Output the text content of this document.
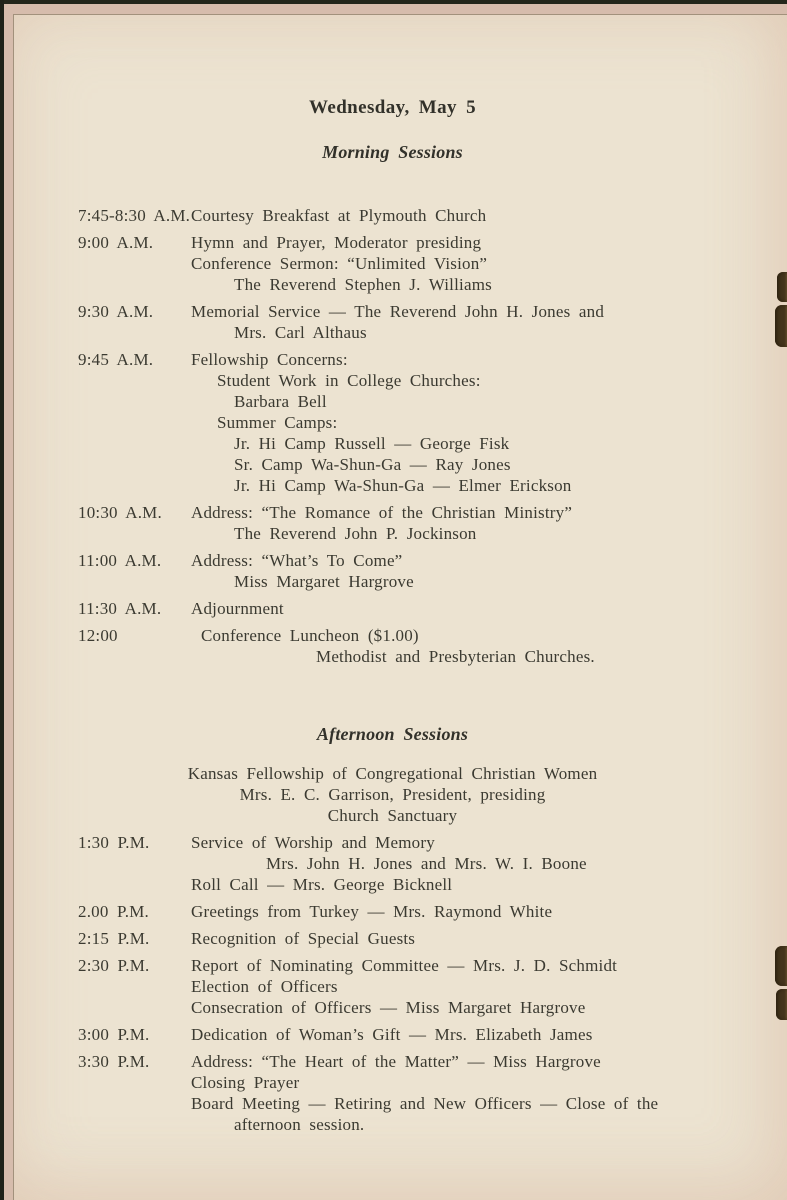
Wednesday, May 5
Morning Sessions
7:45-8:30 A.M. Courtesy Breakfast at Plymouth Church
9:00 A.M.	Hymn and Prayer, Moderator presiding
Conference Sermon: “Unlimited Vision”
The Reverend Stephen J. Williams
9:30 A.M.	Memorial Service — The Reverend John H. Jones and
Mrs. Carl Althaus
9:45 A.M.	Fellowship Concerns:
Student Work in College Churches:
Barbara Bell
Summer Camps:
Jr. Hi Camp Russell — George Fisk
Sr. Camp Wa-Shun-Ga — Ray Jones
Jr. Hi Camp Wa-Shun-Ga — Elmer Erickson
10:30 A.M.	Address: “The Romance of the Christian Ministry”
The Reverend John P. Jockinson
11:00 A.M.	Address: “What’s To Come”
Miss Margaret Hargrove
11:30 A.M.	Adjournment
12:00	Conference Luncheon ($1.00)
Methodist and Presbyterian Churches.
Afternoon Sessions
Kansas Fellowship of Congregational Christian Women
Mrs. E. C. Garrison, President, presiding
Church Sanctuary
1:30 P.M.	Service of Worship and Memory
Mrs. John H. Jones and Mrs. W. I. Boone
Roll Call — Mrs. George Bicknell
2.00 P.M.	Greetings from Turkey — Mrs. Raymond White
2:15 P.M.	Recognition of Special Guests
2:30 P.M.	Report of Nominating Committee — Mrs. J. D. Schmidt
Election of Officers
Consecration of Officers — Miss Margaret Hargrove
3:00 P.M.	Dedication of Woman’s Gift — Mrs. Elizabeth James
3:30 P.M.	Address: “The Heart of the Matter” — Miss Hargrove
Closing Prayer
Board Meeting — Retiring and New Officers — Close of the
afternoon session.
